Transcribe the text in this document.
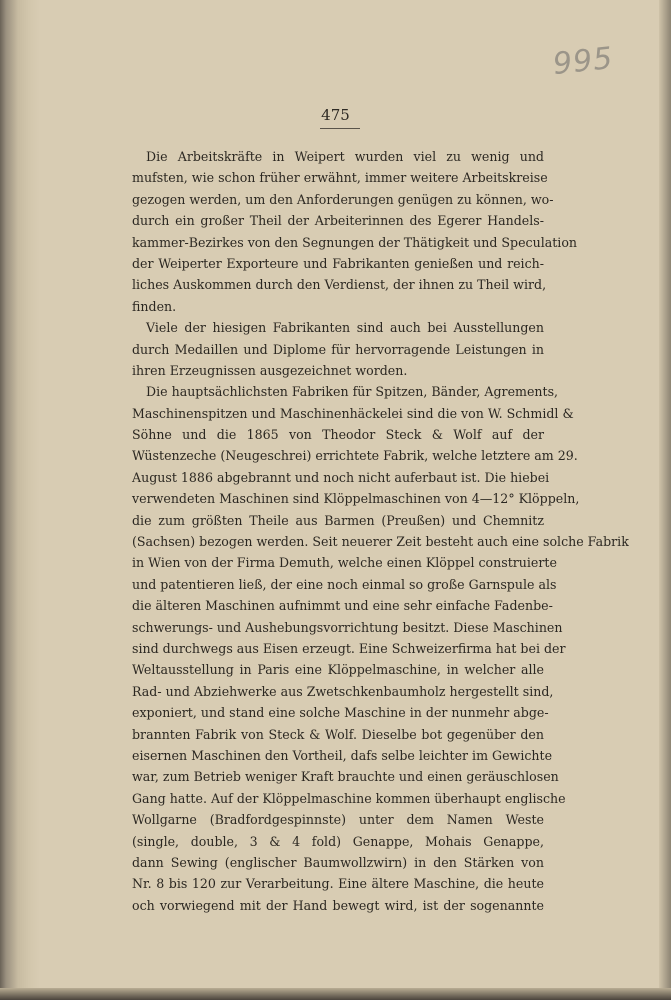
995
475
Die Arbeitskräfte in Weipert wurden viel zu wenig und
mufsten, wie schon früher erwähnt, immer weitere Arbeitskreise
gezogen werden, um den Anforderungen genügen zu können, wo-
durch ein großer Theil der Arbeiterinnen des Egerer Handels-
kammer-Bezirkes von den Segnungen der Thätigkeit und Speculation
der Weiperter Exporteure und Fabrikanten genießen und reich-
liches Auskommen durch den Verdienst, der ihnen zu Theil wird,
finden.
Viele der hiesigen Fabrikanten sind auch bei Ausstellungen
durch Medaillen und Diplome für hervorragende Leistungen in
ihren Erzeugnissen ausgezeichnet worden.
Die hauptsächlichsten Fabriken für Spitzen, Bänder, Agrements,
Maschinenspitzen und Maschinenhäckelei sind die von W. Schmidl &
Söhne und die 1865 von Theodor Steck & Wolf auf der
Wüstenzeche (Neugeschrei) errichtete Fabrik, welche letztere am 29.
August 1886 abgebrannt und noch nicht auferbaut ist. Die hiebei
verwendeten Maschinen sind Klöppelmaschinen von 4—12° Klöppeln,
die zum größten Theile aus Barmen (Preußen) und Chemnitz
(Sachsen) bezogen werden. Seit neuerer Zeit besteht auch eine solche Fabrik
in Wien von der Firma Demuth, welche einen Klöppel construierte
und patentieren ließ, der eine noch einmal so große Garnspule als
die älteren Maschinen aufnimmt und eine sehr einfache Fadenbe-
schwerungs- und Aushebungsvorrichtung besitzt. Diese Maschinen
sind durchwegs aus Eisen erzeugt. Eine Schweizerfirma hat bei der
Weltausstellung in Paris eine Klöppelmaschine, in welcher alle
Rad- und Abziehwerke aus Zwetschkenbaumholz hergestellt sind,
exponiert, und stand eine solche Maschine in der nunmehr abge-
brannten Fabrik von Steck & Wolf. Dieselbe bot gegenüber den
eisernen Maschinen den Vortheil, dafs selbe leichter im Gewichte
war, zum Betrieb weniger Kraft brauchte und einen geräuschlosen
Gang hatte. Auf der Klöppelmaschine kommen überhaupt englische
Wollgarne (Bradfordgespinnste) unter dem Namen Weste
(single, double, 3 & 4 fold) Genappe, Mohais Genappe,
dann Sewing (englischer Baumwollzwirn) in den Stärken von
Nr. 8 bis 120 zur Verarbeitung. Eine ältere Maschine, die heute
och vorwiegend mit der Hand bewegt wird, ist der sogenannte
